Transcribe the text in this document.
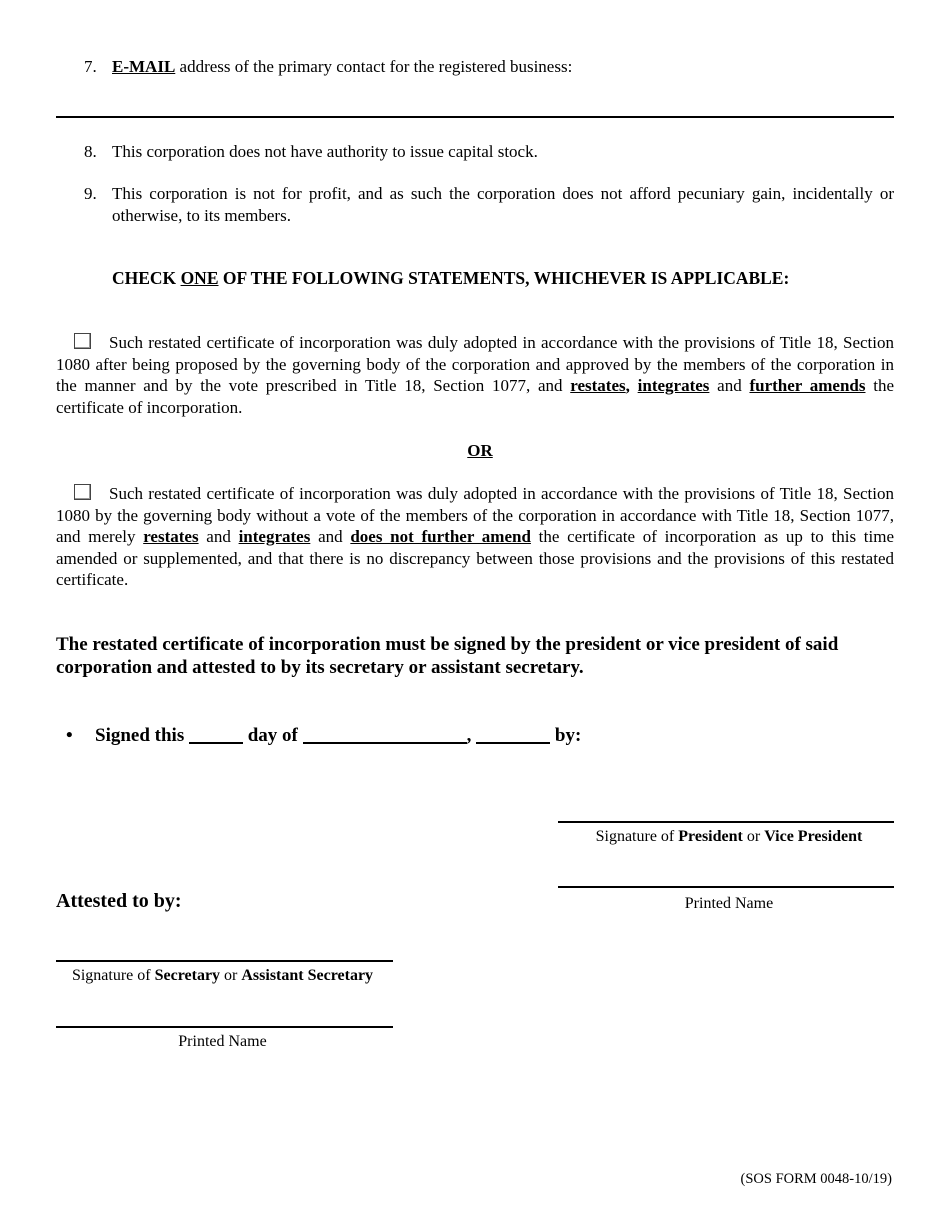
7. E-MAIL address of the primary contact for the registered business:
8. This corporation does not have authority to issue capital stock.
9. This corporation is not for profit, and as such the corporation does not afford pecuniary gain, incidentally or otherwise, to its members.
CHECK ONE OF THE FOLLOWING STATEMENTS, WHICHEVER IS APPLICABLE:
Such restated certificate of incorporation was duly adopted in accordance with the provisions of Title 18, Section 1080 after being proposed by the governing body of the corporation and approved by the members of the corporation in the manner and by the vote prescribed in Title 18, Section 1077, and restates, integrates and further amends the certificate of incorporation.
OR
Such restated certificate of incorporation was duly adopted in accordance with the provisions of Title 18, Section 1080 by the governing body without a vote of the members of the corporation in accordance with Title 18, Section 1077, and merely restates and integrates and does not further amend the certificate of incorporation as up to this time amended or supplemented, and that there is no discrepancy between those provisions and the provisions of this restated certificate.
The restated certificate of incorporation must be signed by the president or vice president of said corporation and attested to by its secretary or assistant secretary.
• Signed this	day of	,	by:
Signature of President or Vice President
Printed Name
Attested to by:
Signature of Secretary or Assistant Secretary
Printed Name
(SOS FORM 0048-10/19)
